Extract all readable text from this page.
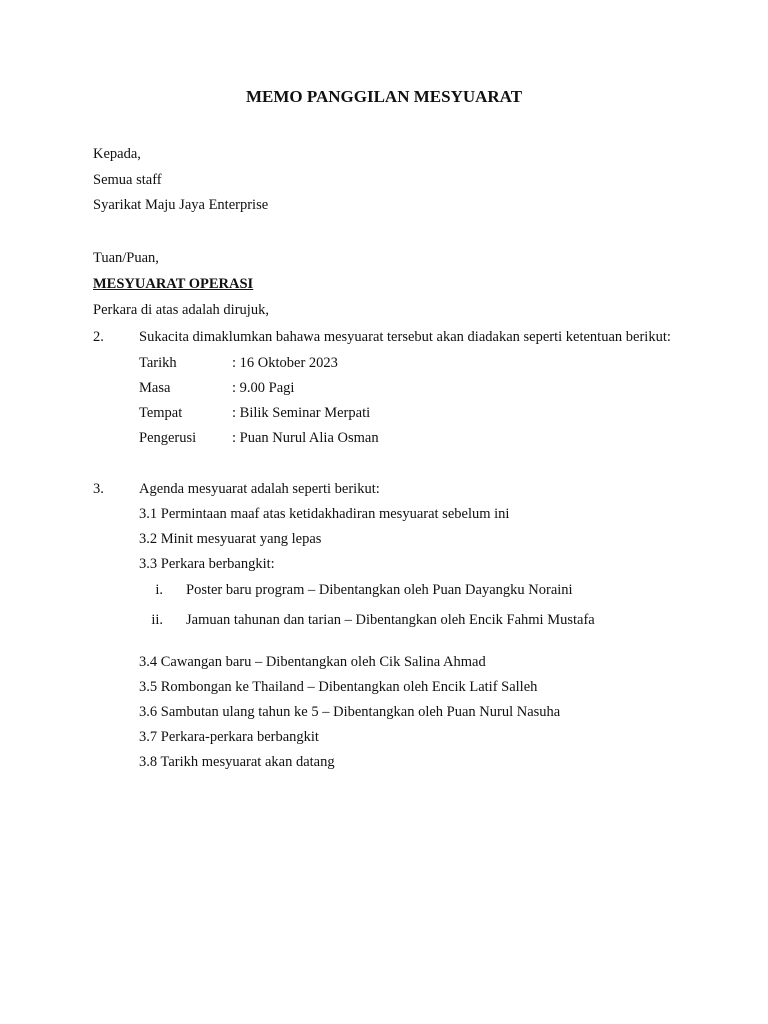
MEMO PANGGILAN MESYUARAT
Kepada,
Semua staff
Syarikat Maju Jaya Enterprise
Tuan/Puan,
MESYUARAT OPERASI
Perkara di atas adalah dirujuk,
2. Sukacita dimaklumkan bahawa mesyuarat tersebut akan diadakan seperti ketentuan berikut:
Tarikh	: 16 Oktober 2023
Masa	: 9.00 Pagi
Tempat	: Bilik Seminar Merpati
Pengerusi : Puan Nurul Alia Osman
3. Agenda mesyuarat adalah seperti berikut:
3.1 Permintaan maaf atas ketidakhadiran mesyuarat sebelum ini
3.2 Minit mesyuarat yang lepas
3.3 Perkara berbangkit:
i. Poster baru program – Dibentangkan oleh Puan Dayangku Noraini
ii. Jamuan tahunan dan tarian – Dibentangkan oleh Encik Fahmi Mustafa
3.4 Cawangan baru – Dibentangkan oleh Cik Salina Ahmad
3.5 Rombongan ke Thailand – Dibentangkan oleh Encik Latif Salleh
3.6 Sambutan ulang tahun ke 5 – Dibentangkan oleh Puan Nurul Nasuha
3.7 Perkara-perkara berbangkit
3.8 Tarikh mesyuarat akan datang
